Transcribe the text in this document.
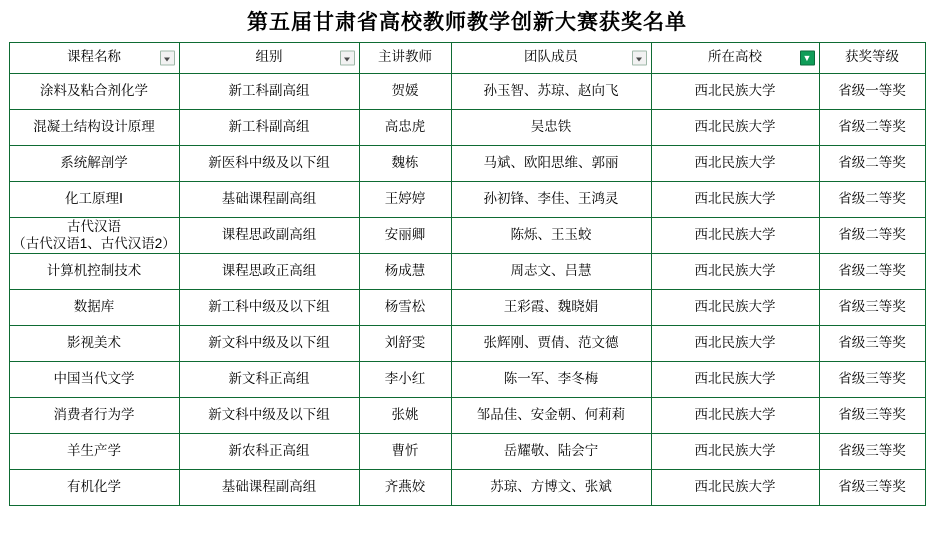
第五届甘肃省高校教师教学创新大赛获奖名单
课程名称	组别	主讲教师	团队成员	所在高校 ▼	获奖等级

涂料及粘合剂化学	新工科副高组	贺媛	孙玉智、苏琼、赵向飞	西北民族大学	省级一等奖
混凝土结构设计原理	新工科副高组	高忠虎	吴忠铁	西北民族大学	省级二等奖
系统解剖学	新医科中级及以下组	魏栋	马斌、欧阳思维、郭丽	西北民族大学	省级二等奖
化工原理Ⅰ	基础课程副高组	王婷婷	孙初锋、李佳、王鸿灵	西北民族大学	省级二等奖

古代汉语
（古代汉语1、古代汉语2）	课程思政副高组	安丽卿	陈烁、王玉蛟	西北民族大学	省级二等奖
计算机控制技术	课程思政正高组	杨成慧	周志文、吕慧	西北民族大学	省级二等奖
数据库	新工科中级及以下组	杨雪松	王彩霞、魏晓娟	西北民族大学	省级三等奖
影视美术	新文科中级及以下组	刘舒雯	张辉刚、贾倩、范文德	西北民族大学	省级三等奖
中国当代文学	新文科正高组	李小红	陈一军、李冬梅	西北民族大学	省级三等奖
消费者行为学	新文科中级及以下组	张姚	邹品佳、安金朝、何莉莉	西北民族大学	省级三等奖
羊生产学	新农科正高组	曹忻	岳耀敬、陆会宁	西北民族大学	省级三等奖
有机化学	基础课程副高组	齐燕姣	苏琼、方博文、张斌	西北民族大学	省级三等奖
